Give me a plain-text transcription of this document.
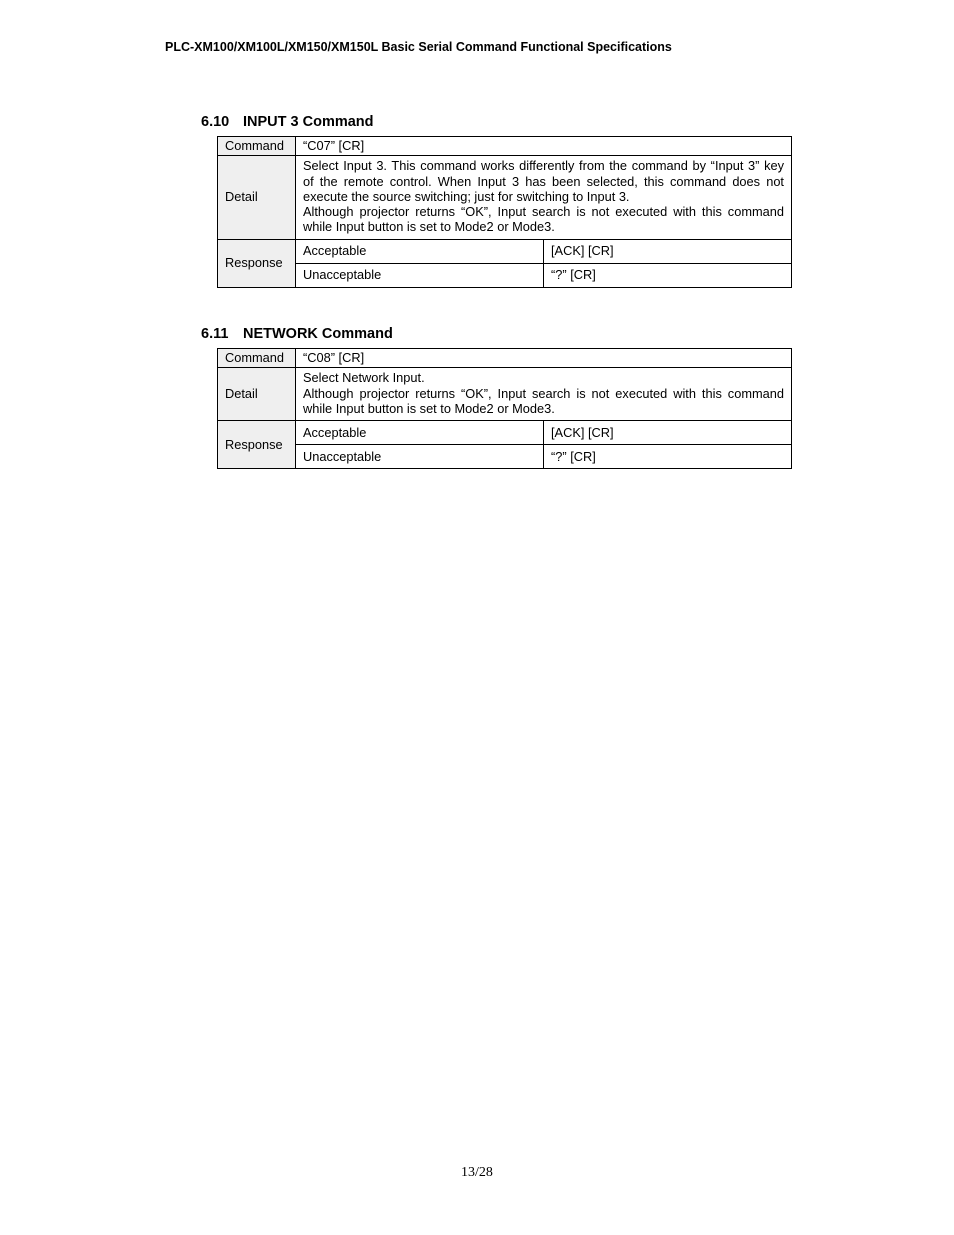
PLC-XM100/XM100L/XM150/XM150L Basic Serial Command Functional Specifications
6.10 INPUT 3 Command
Command	“C07” [CR]	
Detail	Select Input 3. This command works differently from the command by “Input 3” key of the remote control. When Input 3 has been selected, this command does not execute the source switching; just for switching to Input 3.
Although projector returns “OK”, Input search is not executed with this command while Input button is set to Mode2 or Mode3.	

Response	Acceptable	[ACK] [CR]
	Unacceptable	“?” [CR]
6.11 NETWORK Command
Command	“C08” [CR]	
Detail	Select Network Input.
Although projector returns “OK”, Input search is not executed with this command while Input button is set to Mode2 or Mode3.	

Response	Acceptable	[ACK] [CR]
	Unacceptable	“?” [CR]
13/28
